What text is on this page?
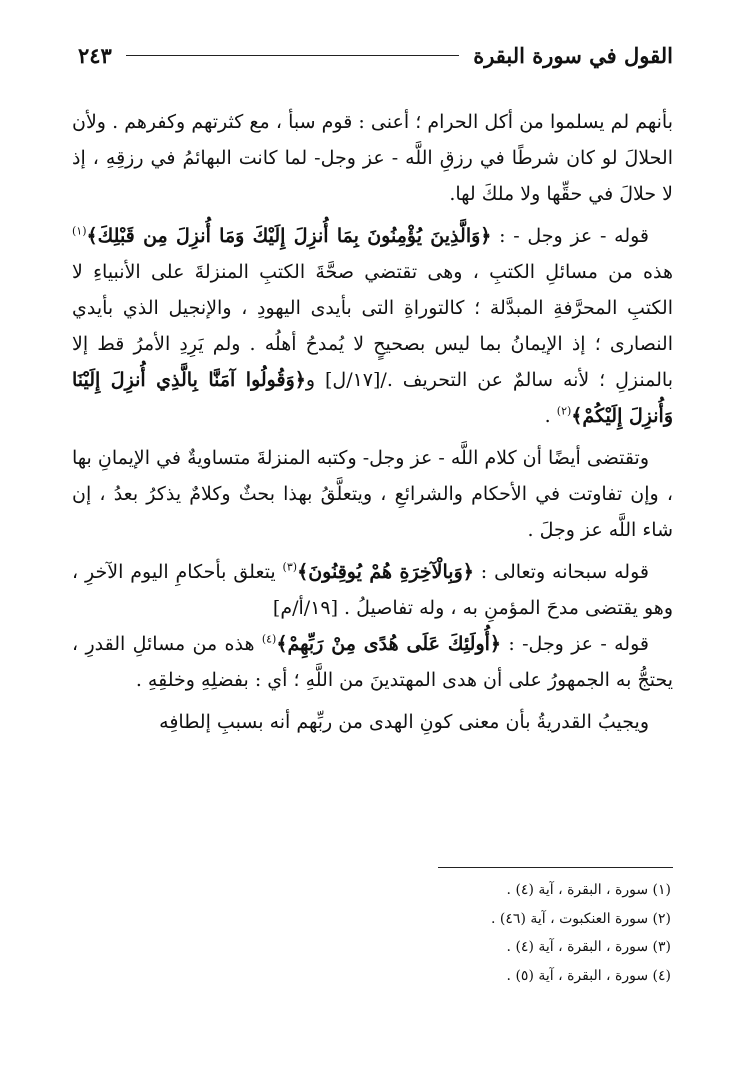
القول في سورة البقرة
٢٤٣

بأنهم لم يسلموا من أكل الحرام ؛ أعنى : قوم سبأ ، مع كثرتهم وكفرهم . ولأن الحلالَ لو كان شرطًا في رزقِ اللَّه - عز وجل- لما كانت البهائمُ في رزقِهِ ، إذ لا حلالَ في حقِّها ولا ملكَ لها.

قوله - عز وجل - : ﴿وَالَّذِينَ يُؤْمِنُونَ بِمَا أُنزِلَ إِلَيْكَ وَمَا أُنزِلَ مِن قَبْلِكَ﴾$^{(١)}$ هذه من مسائلِ الكتبِ ، وهى تقتضي صحَّةَ الكتبِ المنزلةَ على الأنبياءِ لا الكتبِ المحرَّفةِ المبدَّلة ؛ كالتوراةِ التى بأيدى اليهودِ ، والإنجيل الذي بأيدي النصارى ؛ إذ الإيمانُ بما ليس بصحيحٍ لا يُمدحُ أهلُه . ولم يَرِدِ الأمرُ قط إلا بالمنزلِ ؛ لأنه سالمٌ عن التحريف ./[١٧/ل] و﴿وَقُولُوا آمَنَّا بِالَّذِي أُنزِلَ إِلَيْنَا وَأُنزِلَ إِلَيْكُمْ﴾$^{(٢)}$ .

وتقتضى أيضًا أن كلام اللَّه - عز وجل- وكتبه المنزلةَ متساويةٌ في الإيمانِ بها ، وإن تفاوتت في الأحكام والشرائعِ ، ويتعلَّقُ بهذا بحثٌ وكلامٌ يذكرُ بعدُ ، إن شاء اللَّه عز وجلَ .

قوله سبحانه وتعالى : ﴿وَبِالْآخِرَةِ هُمْ يُوقِنُونَ﴾$^{(٣)}$ يتعلق بأحكامِ اليوم الآخرِ ، وهو يقتضى مدحَ المؤمنِ به ، وله تفاصيلُ . [١٩/أ/م]

قوله - عز وجل- : ﴿أُولَئِكَ عَلَى هُدًى مِنْ رَبِّهِمْ﴾$^{(٤)}$ هذه من مسائلِ القدرِ ، يحتجُّ به الجمهورُ على أن هدى المهتدينَ من اللَّهِ ؛ أي : بفضلِهِ وخلقِهِ .

ويجيبُ القدريةُ بأن معنى كونِ الهدى من ربِّهم أنه بسببِ إلطافِه

(١) سورة ، البقرة ، آية (٤) .
(٢) سورة العنكبوت ، آية (٤٦) .
(٣) سورة ، البقرة ، آية (٤) .
(٤) سورة ، البقرة ، آية (٥) .
